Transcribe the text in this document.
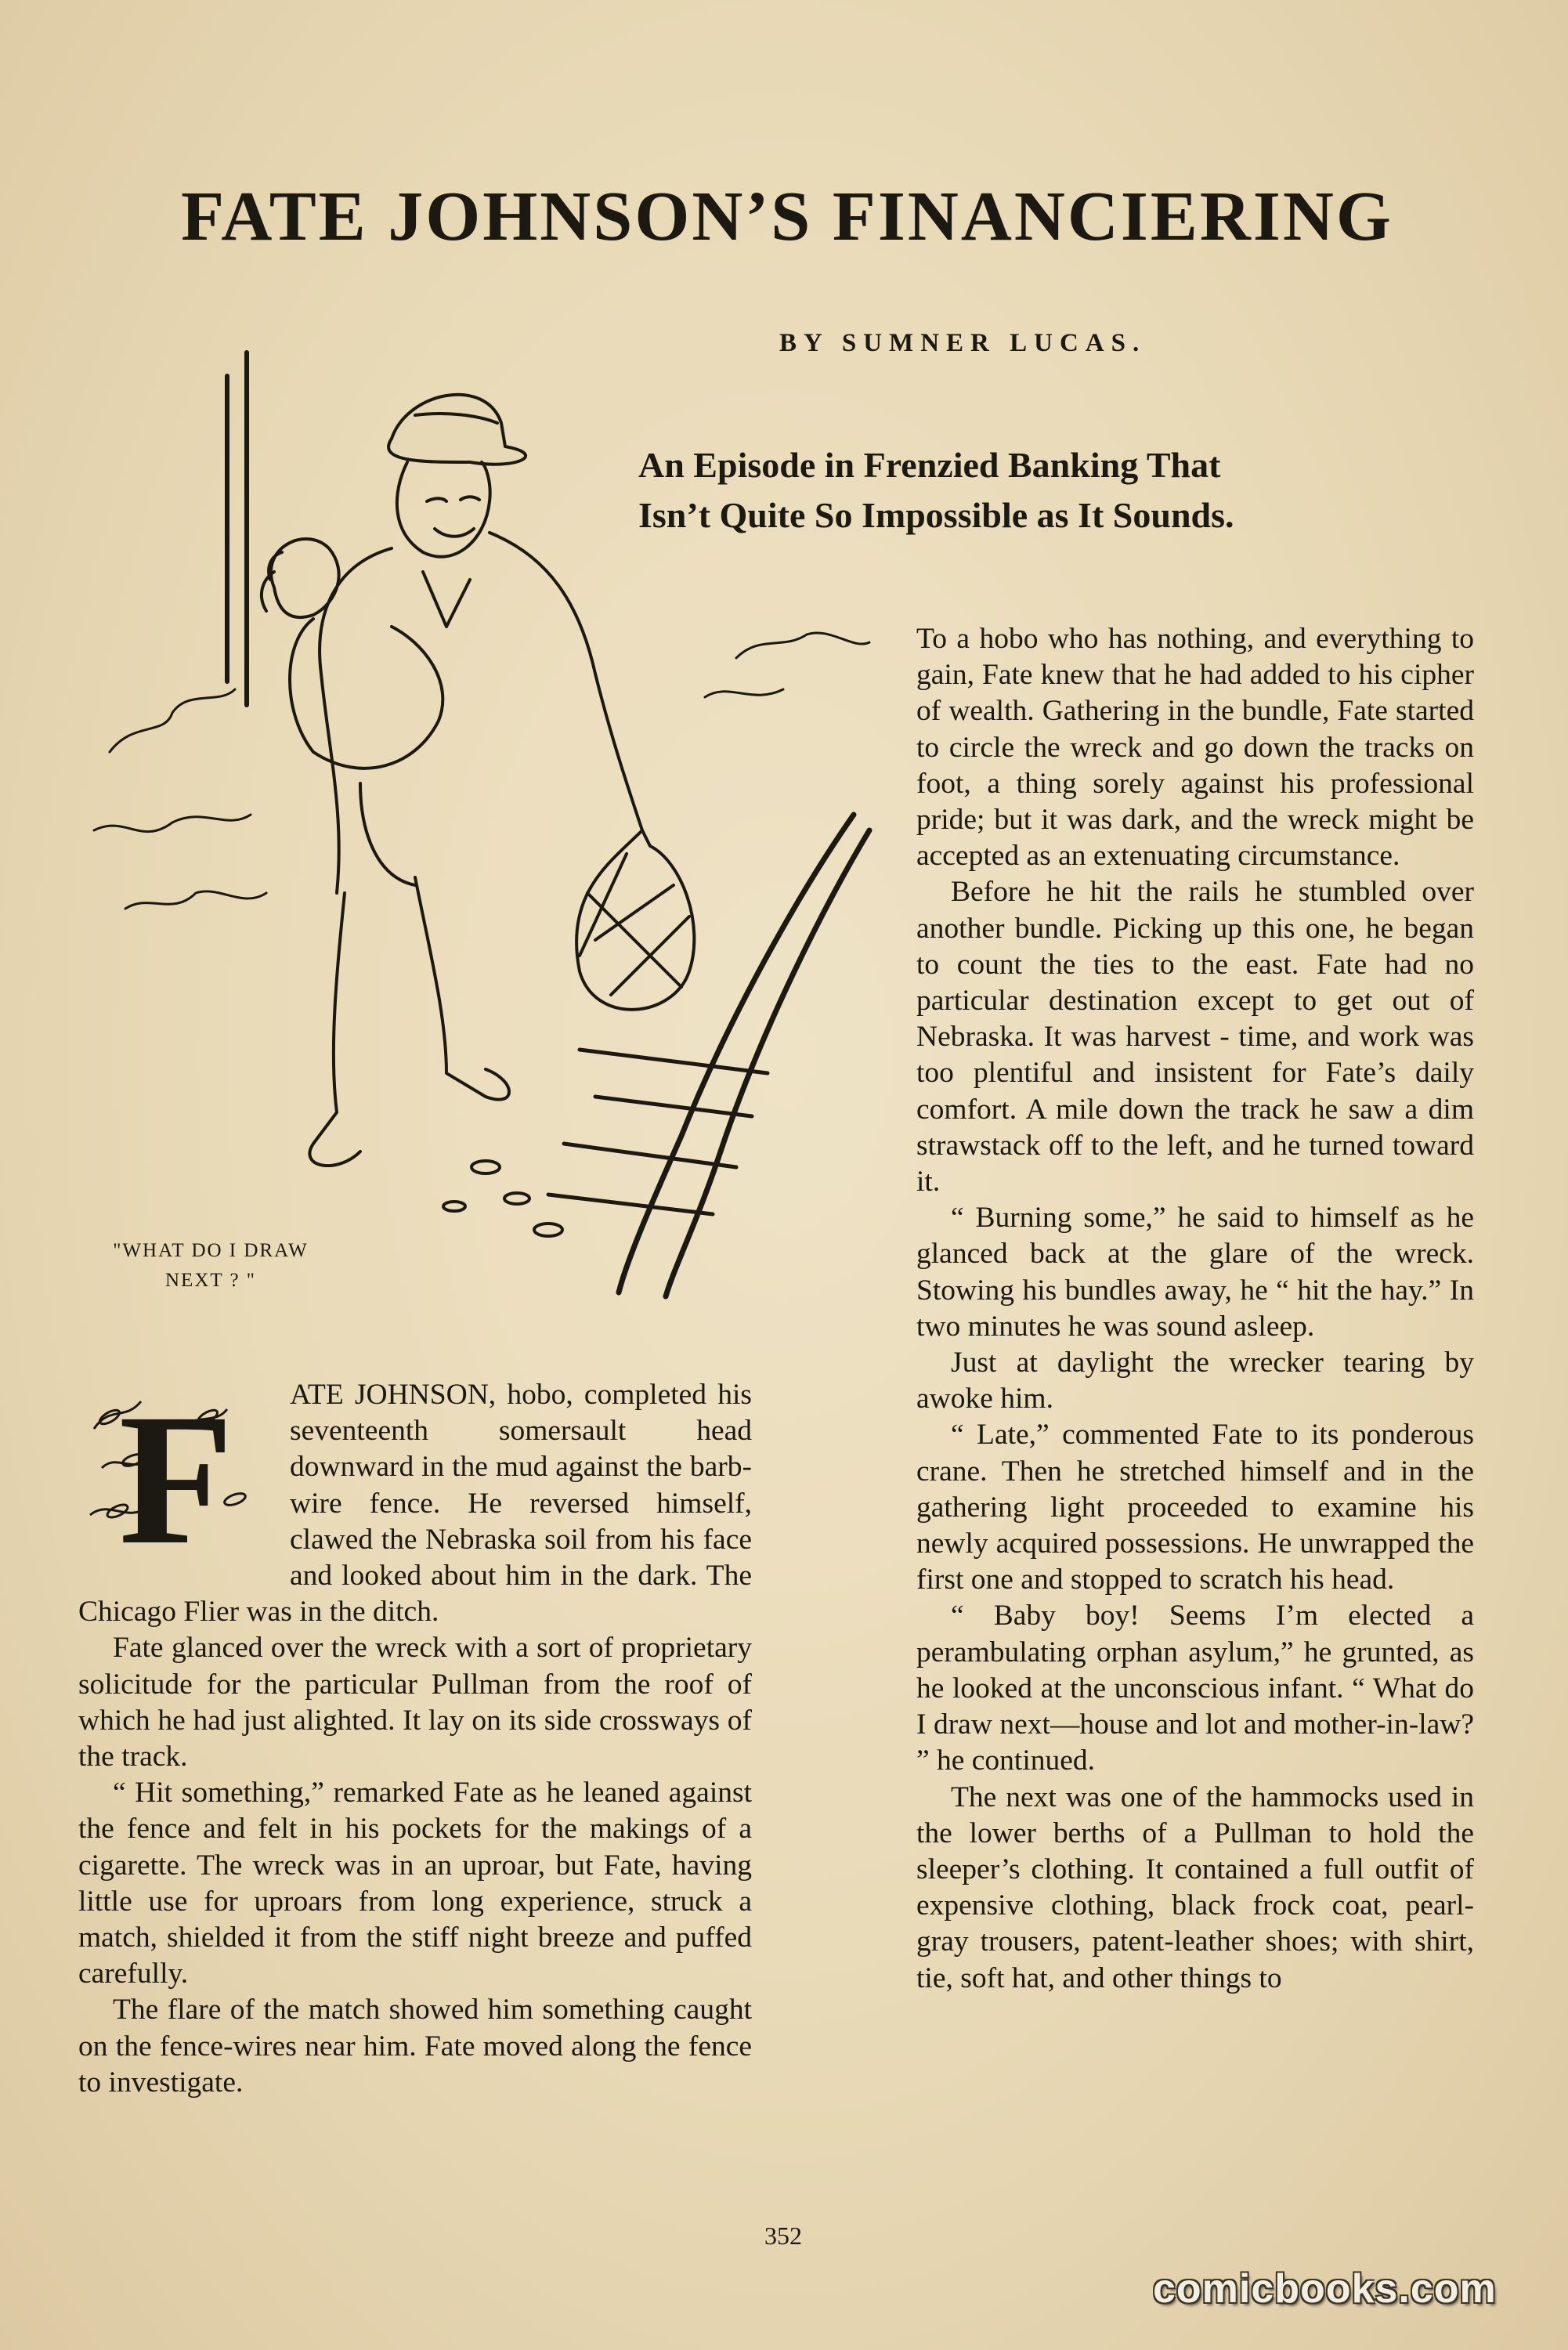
FATE JOHNSON’S FINANCIERING

BY SUMNER LUCAS.

An Episode in Frenzied Banking That
Isn’t Quite So Impossible as It Sounds.

"WHAT DO I DRAW
NEXT ? "

To a hobo who has nothing, and everything to gain, Fate knew that he had added to his cipher of wealth. Gathering in the bundle, Fate started to circle the wreck and go down the tracks on foot, a thing sorely against his professional pride; but it was dark, and the wreck might be accepted as an extenuating circumstance.

Before he hit the rails he stumbled over another bundle. Picking up this one, he began to count the ties to the east. Fate had no particular destination except to get out of Nebraska. It was harvest - time, and work was too plentiful and insistent for Fate’s daily comfort. A mile down the track he saw a dim strawstack off to the left, and he turned toward it.

“ Burning some,” he said to himself as he glanced back at the glare of the wreck. Stowing his bundles away, he “ hit the hay.” In two minutes he was sound asleep.

Just at daylight the wrecker tearing by awoke him.

“ Late,” commented Fate to its ponderous crane. Then he stretched himself and in the gathering light proceeded to examine his newly acquired possessions. He unwrapped the first one and stopped to scratch his head.

“ Baby boy! Seems I’m elected a perambulating orphan asylum,” he grunted, as he looked at the unconscious infant. “ What do I draw next—house and lot and mother-in-law? ” he continued.

The next was one of the hammocks used in the lower berths of a Pullman to hold the sleeper’s clothing. It contained a full outfit of expensive clothing, black frock coat, pearl-gray trousers, patent-leather shoes; with shirt, tie, soft hat, and other things to

F	ATE JOHNSON, hobo, completed his seventeenth somersault head downward in the mud against the barb-wire fence. He reversed himself, clawed the Nebraska soil from his face and looked about him in the dark. The Chicago Flier was in the ditch.

Fate glanced over the wreck with a sort of proprietary solicitude for the particular Pullman from the roof of which he had just alighted. It lay on its side crossways of the track.

“ Hit something,” remarked Fate as he leaned against the fence and felt in his pockets for the makings of a cigarette. The wreck was in an uproar, but Fate, having little use for uproars from long experience, struck a match, shielded it from the stiff night breeze and puffed carefully.

The flare of the match showed him something caught on the fence-wires near him. Fate moved along the fence to investigate.

352

comicbooks.com
